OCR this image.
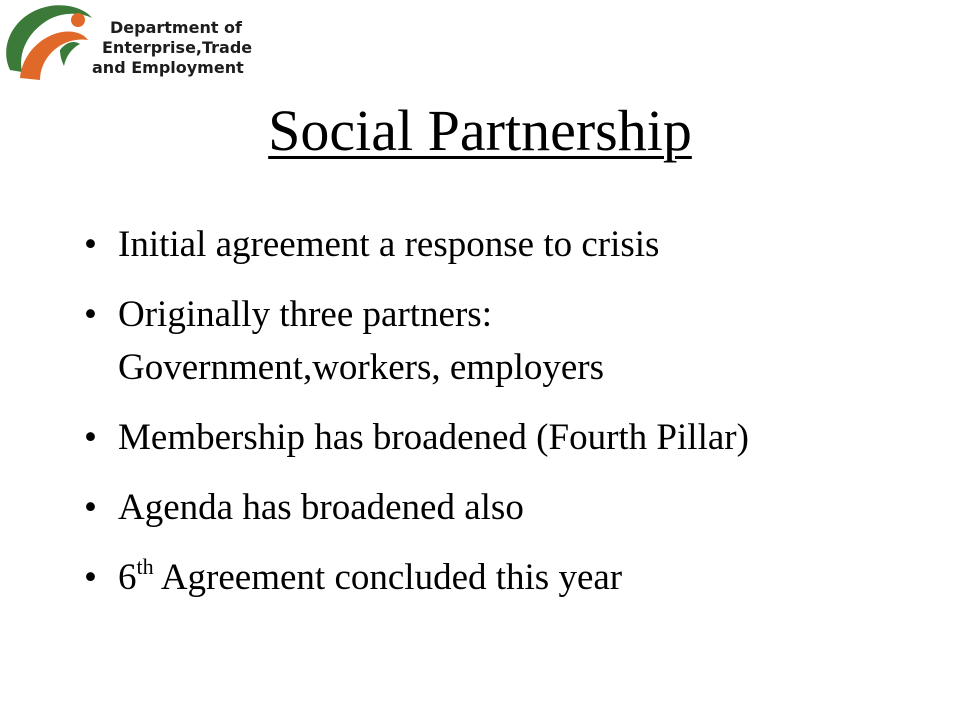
Department of
Enterprise,Trade
and Employment
Social Partnership
• Initial agreement a response to crisis
• Originally three partners:
Government,workers, employers
• Membership has broadened (Fourth Pillar)
• Agenda has broadened also
• 6th Agreement concluded this year
